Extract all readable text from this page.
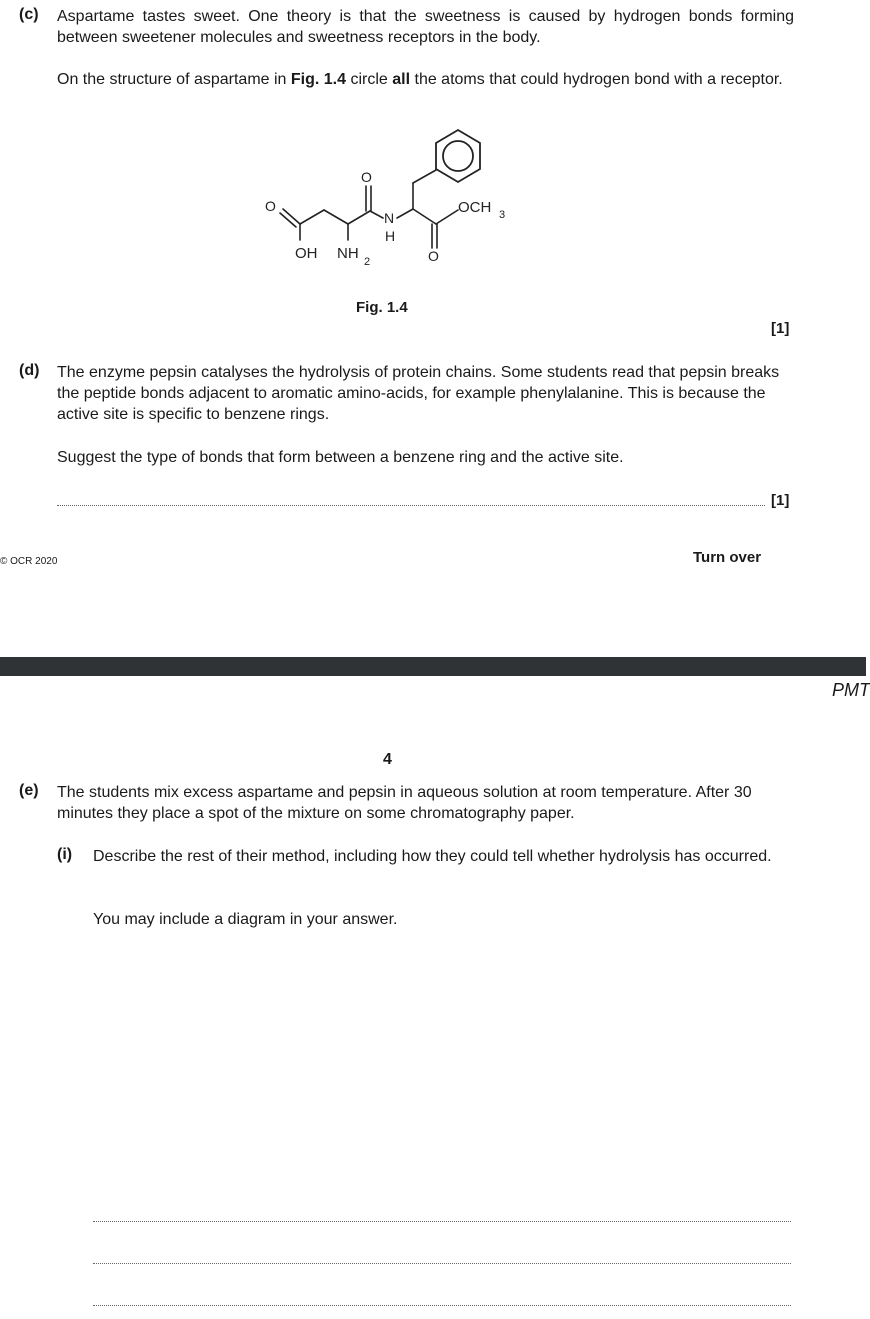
(c) Aspartame tastes sweet. One theory is that the sweetness is caused by hydrogen bonds forming between sweetener molecules and sweetness receptors in the body.
On the structure of aspartame in Fig. 1.4 circle all the atoms that could hydrogen bond with a receptor.
O
O
OH NH 2
N
H
O
OCH 3
Fig. 1.4
[1]
(d) The enzyme pepsin catalyses the hydrolysis of protein chains. Some students read that pepsin breaks the peptide bonds adjacent to aromatic amino-acids, for example phenylalanine. This is because the active site is specific to benzene rings.
Suggest the type of bonds that form between a benzene ring and the active site.
[1]
© OCR 2020	Turn over
PMT
4
(e) The students mix excess aspartame and pepsin in aqueous solution at room temperature. After 30 minutes they place a spot of the mixture on some chromatography paper.
(i) Describe the rest of their method, including how they could tell whether hydrolysis has occurred.
You may include a diagram in your answer.
